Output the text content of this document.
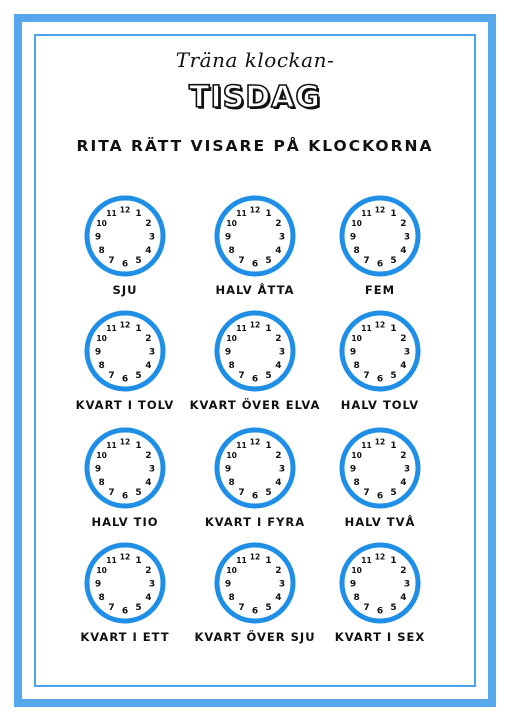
Träna klockan-
TISDAG
RITA RÄTT VISARE PÅ KLOCKORNA
12 1
2
3
4
5
6
7
8
9
10
11
SJU
12 1
2
3
4
5
6
7
8
9
10
11
HALV ÅTTA
12 1
2
3
4
5
6
7
8
9
10
11
FEM
12 1
2
3
4
5
6
7
8
9
10
11
KVART I TOLV
12 1
2
3
4
5
6
7
8
9
10
11
KVART ÖVER ELVA
12 1
2
3
4
5
6
7
8
9
10
11
HALV TOLV
12 1
2
3
4
5
6
7
8
9
10
11
HALV TIO
12 1
2
3
4
5
6
7
8
9
10
11
KVART I FYRA
12 1
2
3
4
5
6
7
8
9
10
11
HALV TVÅ
12 1
2
3
4
5
6
7
8
9
10
11
KVART I ETT
12 1
2
3
4
5
6
7
8
9
10
11
KVART ÖVER SJU
12 1
2
3
4
5
6
7
8
9
10
11
KVART I SEX
